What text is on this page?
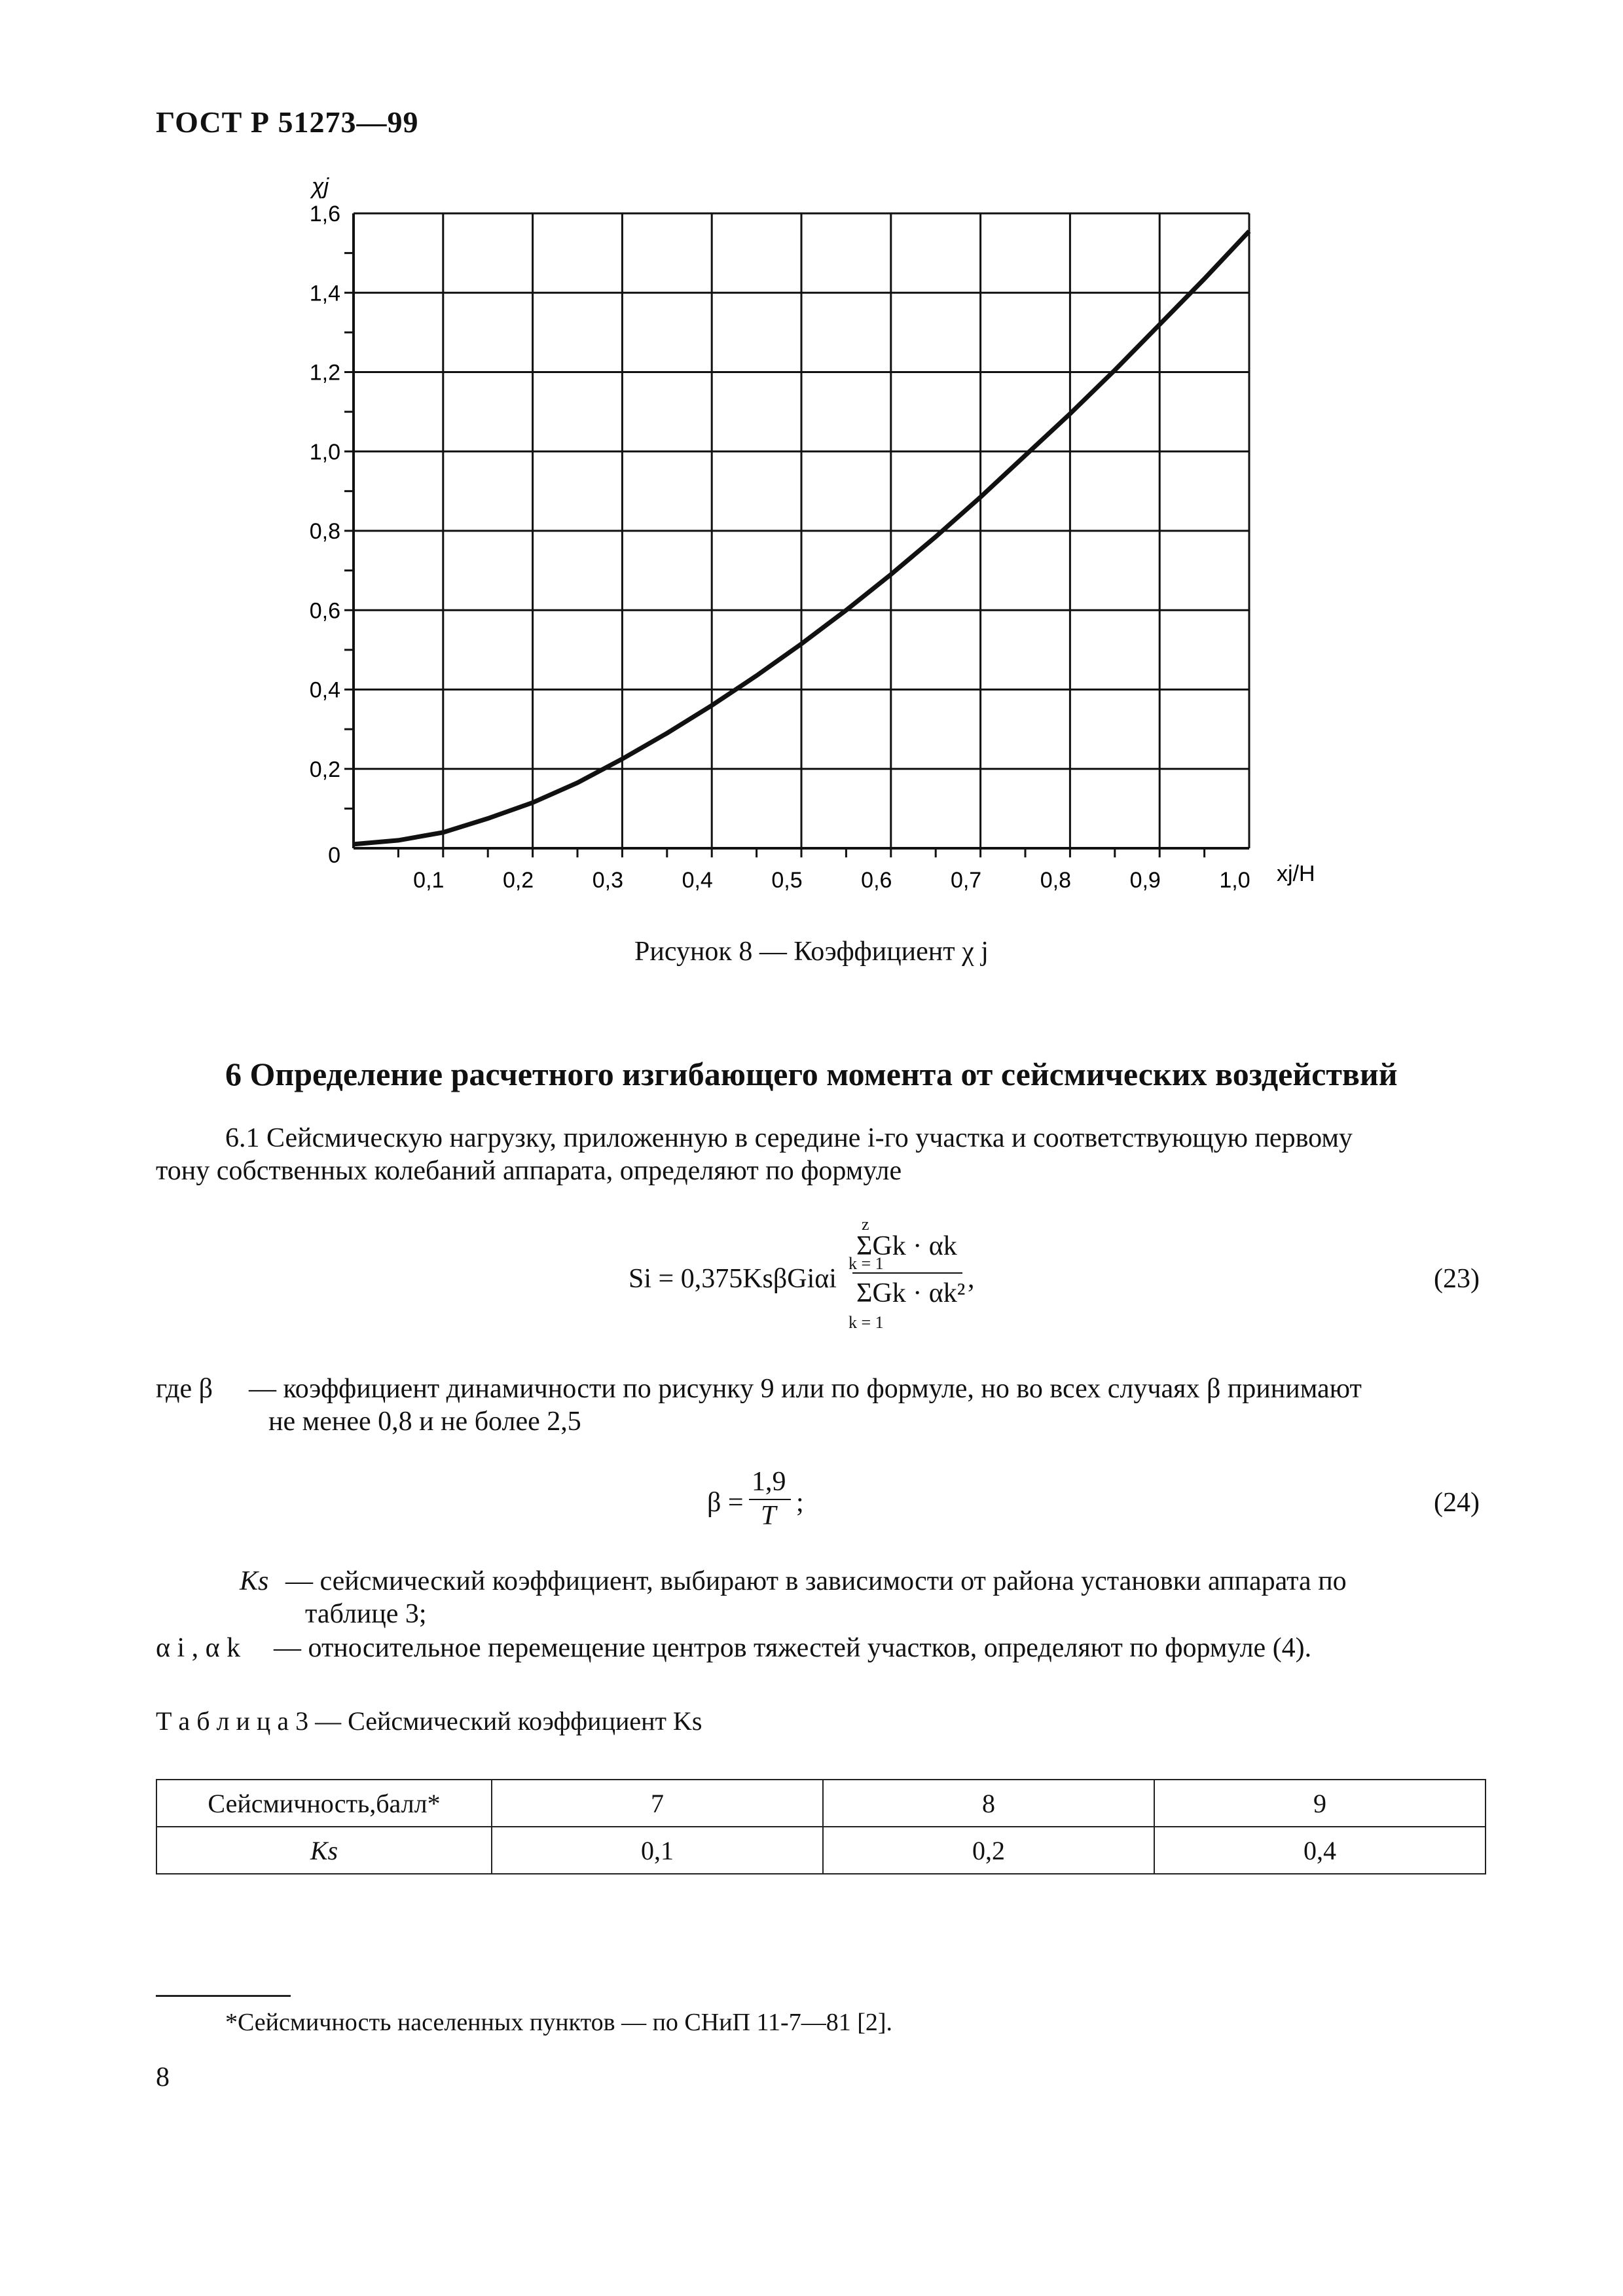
ГОСТ Р 51273—99
0,1	0,2	0,3	0,4	0,5	0,6	0,7	0,8	0,9	1,0
0
0,2
0,4
0,6
0,8
1,0
1,2
1,4
1,6
χj
xj/H
Рисунок 8 — Коэффициент χ j
6 Определение расчетного изгибающего момента от сейсмических воздействий
6.1 Сейсмическую нагрузку, приложенную в середине i-го участка и соответствующую первому
тону собственных колебаний аппарата, определяют по формуле
Si = 0,375KsβGiαi
ΣGk · αk
z
k = 1
ΣGk · αk²
k = 1
,	(23)
где β — коэффициент динамичности по рисунку 9 или по формуле, но во всех случаях β принимают
не менее 0,8 и не более 2,5
β =
1,9
T ;	(24)
Ks — сейсмический коэффициент, выбирают в зависимости от района установки аппарата по
таблице 3;
α i , α k — относительное перемещение центров тяжестей участков, определяют по формуле (4).
Т а б л и ц а 3 — Сейсмический коэффициент Ks
Сейсмичность,балл*	7	8	9
Ks	0,1	0,2	0,4
*Сейсмичность населенных пунктов — по СНиП 11-7—81 [2].
8
